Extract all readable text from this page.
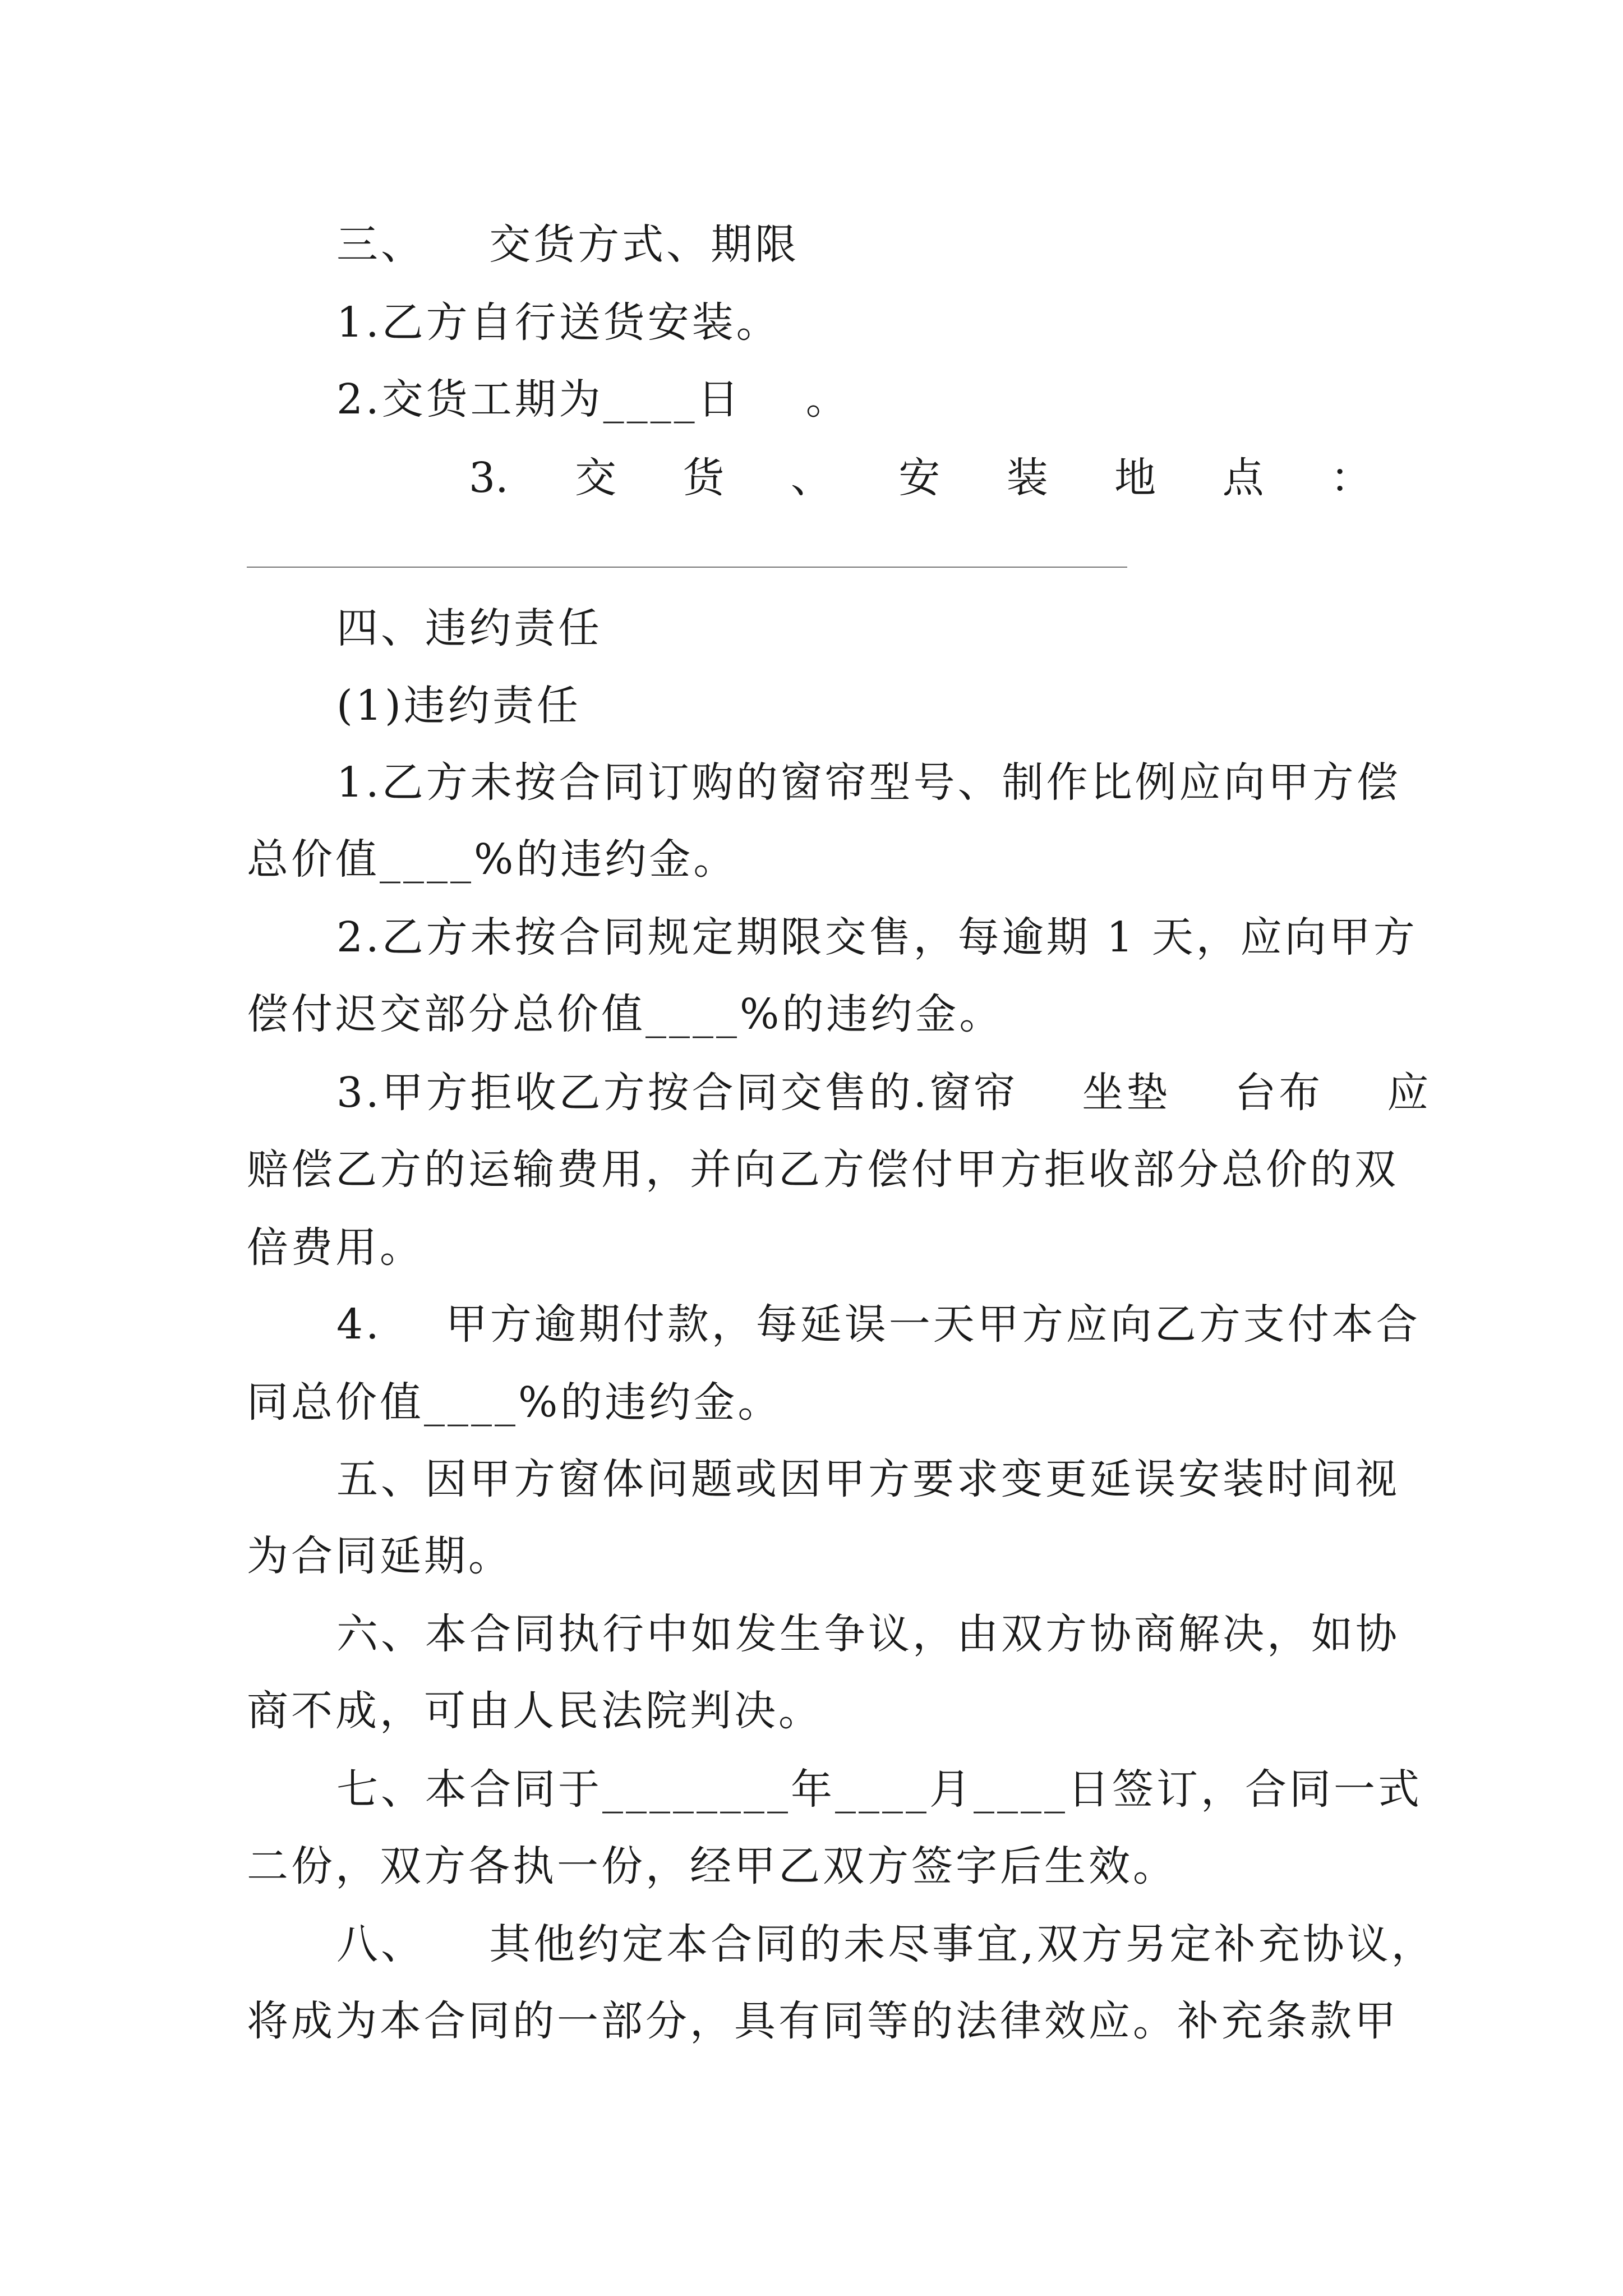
三、    交货方式、期限
1.乙方自行送货安装。
2.交货工期为____日    。
3. 交 货 、 安 装 地 点 ：
四、违约责任
(1)违约责任
1.乙方未按合同订购的窗帘型号、制作比例应向甲方偿
总价值____%的违约金。
2.乙方未按合同规定期限交售，每逾期 1 天，应向甲方
偿付迟交部分总价值____%的违约金。
3.甲方拒收乙方按合同交售的.窗帘    坐垫    台布    应
赔偿乙方的运输费用，并向乙方偿付甲方拒收部分总价的双
倍费用。
4.    甲方逾期付款，每延误一天甲方应向乙方支付本合
同总价值____%的违约金。
五、因甲方窗体问题或因甲方要求变更延误安装时间视
为合同延期。
六、本合同执行中如发生争议，由双方协商解决，如协
商不成，可由人民法院判决。
七、本合同于________年____月____日签订，合同一式
二份，双方各执一份，经甲乙双方签字后生效。
八、    其他约定本合同的未尽事宜,双方另定补充协议，
将成为本合同的一部分，具有同等的法律效应。补充条款甲
